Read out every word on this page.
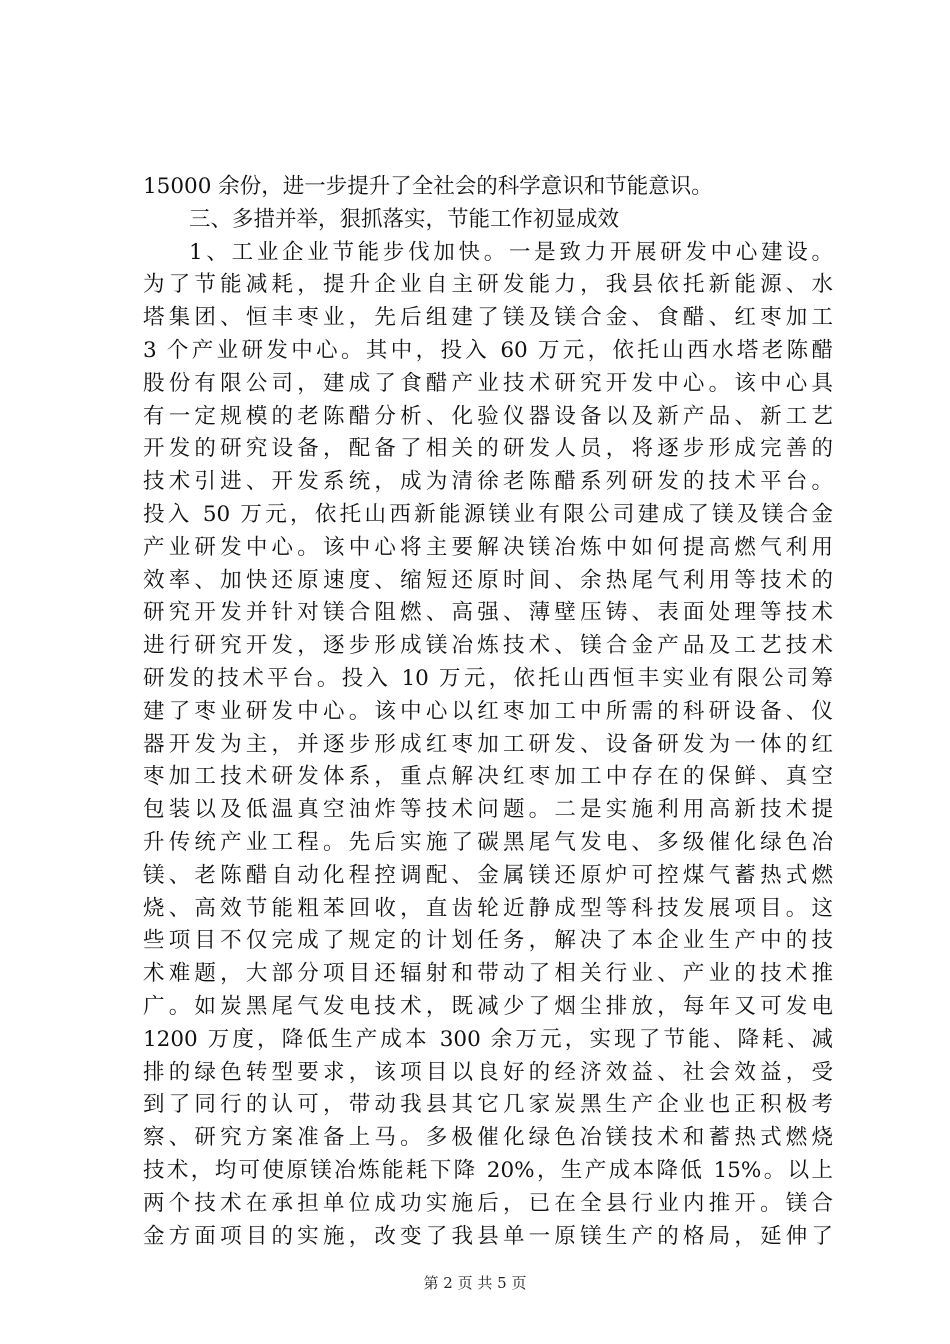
15000 余份，进一步提升了全社会的科学意识和节能意识。
三、多措并举，狠抓落实，节能工作初显成效
1、工业企业节能步伐加快。一是致力开展研发中心建设。
为了节能减耗，提升企业自主研发能力，我县依托新能源、水
塔集团、恒丰枣业，先后组建了镁及镁合金、食醋、红枣加工
3 个产业研发中心。其中，投入 60 万元，依托山西水塔老陈醋
股份有限公司，建成了食醋产业技术研究开发中心。该中心具
有一定规模的老陈醋分析、化验仪器设备以及新产品、新工艺
开发的研究设备，配备了相关的研发人员，将逐步形成完善的
技术引进、开发系统，成为清徐老陈醋系列研发的技术平台。
投入 50 万元，依托山西新能源镁业有限公司建成了镁及镁合金
产业研发中心。该中心将主要解决镁冶炼中如何提高燃气利用
效率、加快还原速度、缩短还原时间、余热尾气利用等技术的
研究开发并针对镁合阻燃、高强、薄壁压铸、表面处理等技术
进行研究开发，逐步形成镁冶炼技术、镁合金产品及工艺技术
研发的技术平台。投入 10 万元，依托山西恒丰实业有限公司筹
建了枣业研发中心。该中心以红枣加工中所需的科研设备、仪
器开发为主，并逐步形成红枣加工研发、设备研发为一体的红
枣加工技术研发体系，重点解决红枣加工中存在的保鲜、真空
包装以及低温真空油炸等技术问题。二是实施利用高新技术提
升传统产业工程。先后实施了碳黑尾气发电、多级催化绿色冶
镁、老陈醋自动化程控调配、金属镁还原炉可控煤气蓄热式燃
烧、高效节能粗苯回收，直齿轮近静成型等科技发展项目。这
些项目不仅完成了规定的计划任务，解决了本企业生产中的技
术难题，大部分项目还辐射和带动了相关行业、产业的技术推
广。如炭黑尾气发电技术，既减少了烟尘排放，每年又可发电
1200 万度，降低生产成本 300 余万元，实现了节能、降耗、减
排的绿色转型要求，该项目以良好的经济效益、社会效益，受
到了同行的认可，带动我县其它几家炭黑生产企业也正积极考
察、研究方案准备上马。多极催化绿色冶镁技术和蓄热式燃烧
技术，均可使原镁冶炼能耗下降 20%，生产成本降低 15%。以上
两个技术在承担单位成功实施后，已在全县行业内推开。镁合
金方面项目的实施，改变了我县单一原镁生产的格局，延伸了
第 2 页 共 5 页
